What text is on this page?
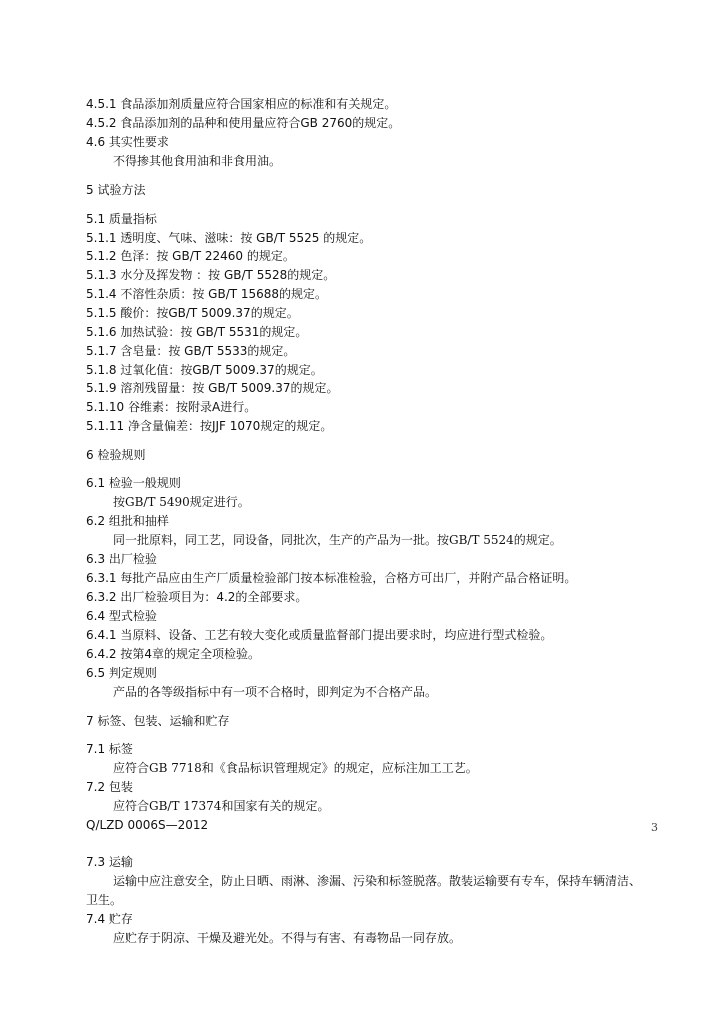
4.5.1 食品添加剂质量应符合国家相应的标准和有关规定。
4.5.2 食品添加剂的品种和使用量应符合GB 2760的规定。
4.6 其实性要求
不得掺其他食用油和非食用油。
5 试验方法
5.1 质量指标
5.1.1 透明度、气味、滋味：按 GB/T 5525 的规定。
5.1.2 色泽：按 GB/T 22460 的规定。
5.1.3 水分及挥发物 ：按 GB/T 5528的规定。
5.1.4 不溶性杂质：按 GB/T 15688的规定。
5.1.5 酸价：按GB/T 5009.37的规定。
5.1.6 加热试验：按 GB/T 5531的规定。
5.1.7 含皂量：按 GB/T 5533的规定。
5.1.8 过氧化值：按GB/T 5009.37的规定。
5.1.9 溶剂残留量：按 GB/T 5009.37的规定。
5.1.10 谷维素：按附录A进行。
5.1.11 净含量偏差：按JJF 1070规定的规定。
6 检验规则
6.1 检验一般规则
按GB/T 5490规定进行。
6.2 组批和抽样
同一批原料，同工艺，同设备，同批次，生产的产品为一批。按GB/T 5524的规定。
6.3 出厂检验
6.3.1 每批产品应由生产厂质量检验部门按本标准检验，合格方可出厂，并附产品合格证明。
6.3.2 出厂检验项目为：4.2的全部要求。
6.4 型式检验
6.4.1 当原料、设备、工艺有较大变化或质量监督部门提出要求时，均应进行型式检验。
6.4.2 按第4章的规定全项检验。
6.5 判定规则
产品的各等级指标中有一项不合格时，即判定为不合格产品。
7 标签、包装、运输和贮存
7.1 标签
应符合GB 7718和《食品标识管理规定》的规定，应标注加工工艺。
7.2 包装
应符合GB/T 17374和国家有关的规定。
Q/LZD 0006S—2012	3
7.3 运输
运输中应注意安全，防止日晒、雨淋、渗漏、污染和标签脱落。散装运输要有专车，保持车辆清洁、
卫生。
7.4 贮存
应贮存于阴凉、干燥及避光处。不得与有害、有毒物品一同存放。
